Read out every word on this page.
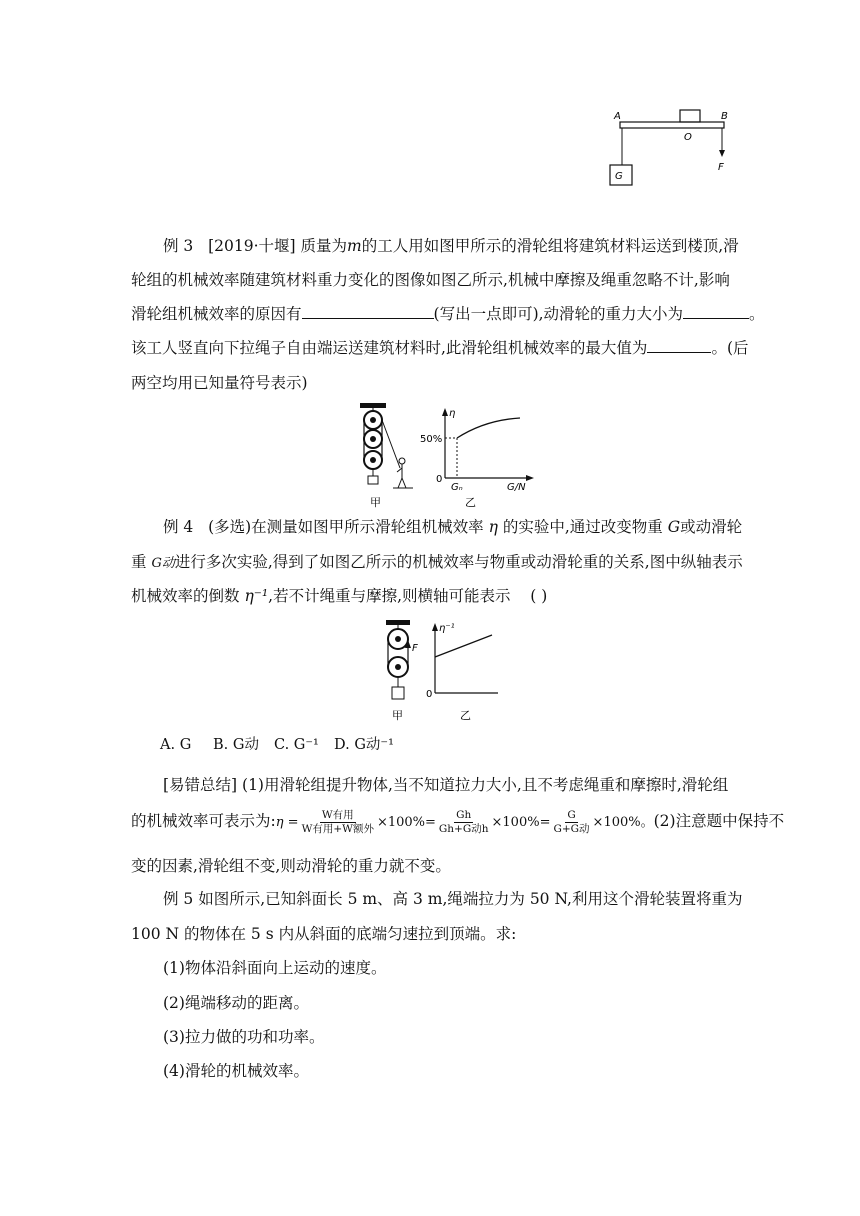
A	B
O
F
G
例 3 [2019·十堰] 质量为m的工人用如图甲所示的滑轮组将建筑材料运送到楼顶,滑
轮组的机械效率随建筑材料重力变化的图像如图乙所示,机械中摩擦及绳重忽略不计,影响
滑轮组机械效率的原因有	(写出一点即可),动滑轮的重力大小为	。
该工人竖直向下拉绳子自由端运送建筑材料时,此滑轮组机械效率的最大值为	。(后
两空均用已知量符号表示)
甲
η
50%
0
Gₙ	G/N
乙
例 4 (多选)在测量如图甲所示滑轮组机械效率 η 的实验中,通过改变物重 G或动滑轮
重 G动进行多次实验,得到了如图乙所示的机械效率与物重或动滑轮重的关系,图中纵轴表示
机械效率的倒数 η⁻¹,若不计绳重与摩擦,则横轴可能表示 ( )
F
甲
η⁻¹
0
乙
A. G B. G动 C. G⁻¹ D. G动⁻¹
[易错总结] (1)用滑轮组提升物体,当不知道拉力大小,且不考虑绳重和摩擦时,滑轮组
的机械效率可表示为:η = $\frac{\text{W有用}}{\text{W有用+W额外}} \times 100\%= \frac{Gh}{\text{Gh+G动h}} \times 100\%= \frac{G}{\text{G+G动}} \times 100\%$。(2)注意题中保持不
变的因素,滑轮组不变,则动滑轮的重力就不变。
例 5 如图所示,已知斜面长 5 m、高 3 m,绳端拉力为 50 N,利用这个滑轮装置将重为
100 N 的物体在 5 s 内从斜面的底端匀速拉到顶端。求:
(1)物体沿斜面向上运动的速度。
(2)绳端移动的距离。
(3)拉力做的功和功率。
(4)滑轮的机械效率。
